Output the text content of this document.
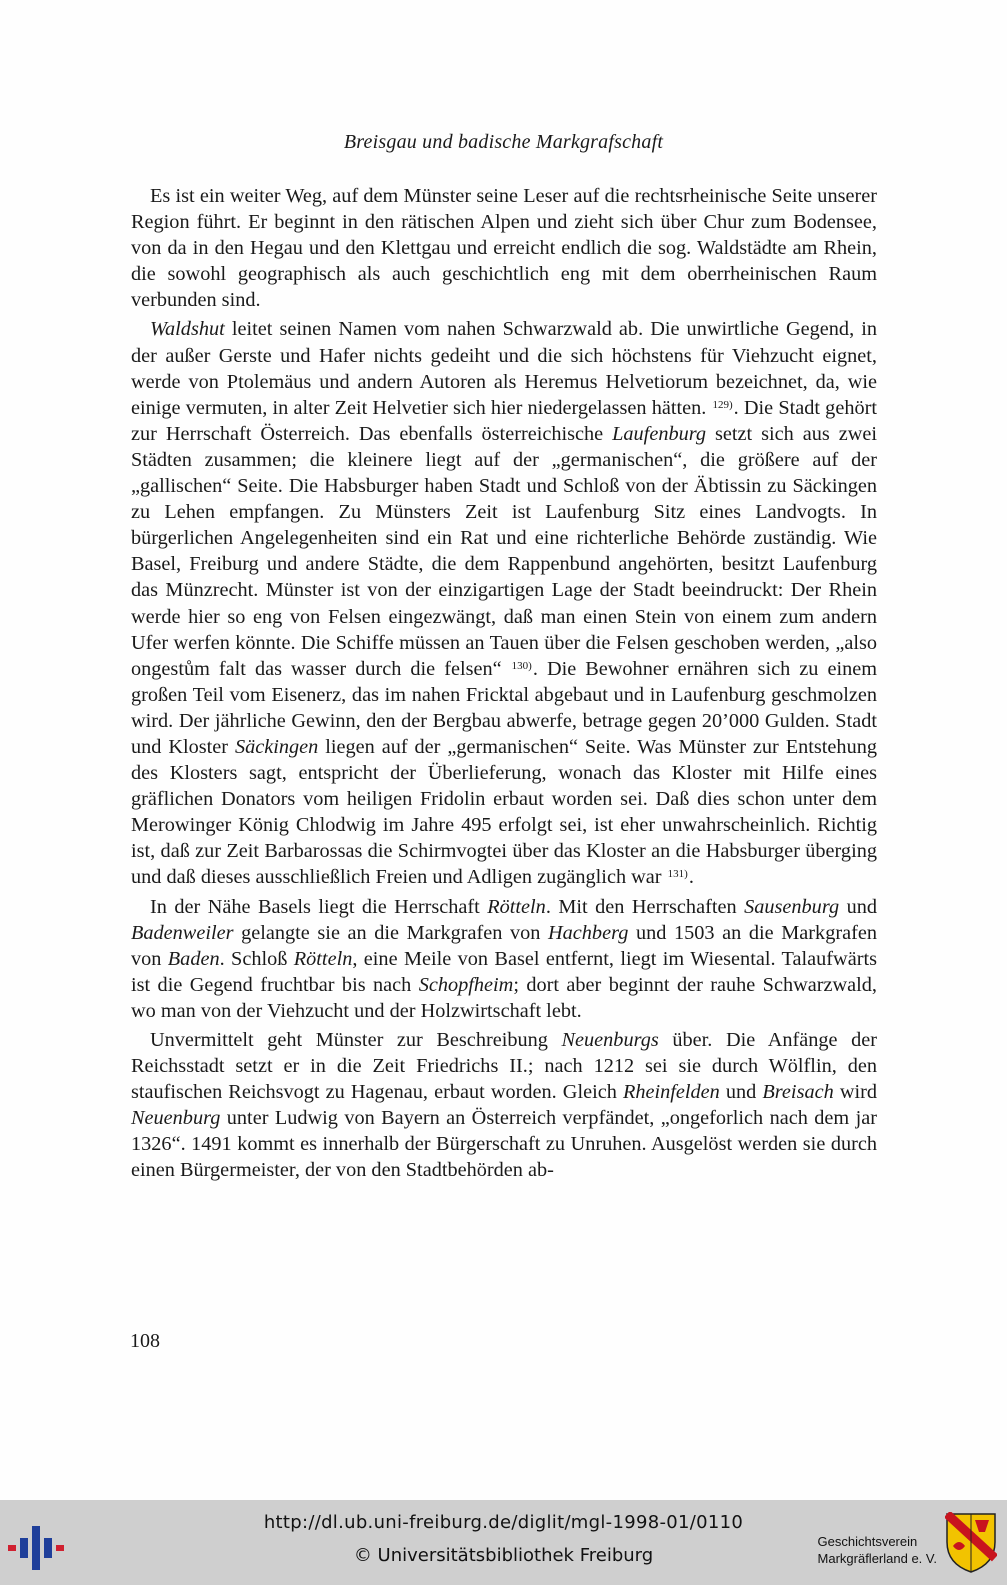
Breisgau und badische Markgrafschaft

Es ist ein weiter Weg, auf dem Münster seine Leser auf die rechtsrheinische Seite unserer Region führt. Er beginnt in den rätischen Alpen und zieht sich über Chur zum Bodensee, von da in den Hegau und den Klettgau und erreicht endlich die sog. Waldstädte am Rhein, die sowohl geographisch als auch geschichtlich eng mit dem oberrheinischen Raum verbunden sind.

Waldshut leitet seinen Namen vom nahen Schwarzwald ab. Die unwirtliche Gegend, in der außer Gerste und Hafer nichts gedeiht und die sich höchstens für Viehzucht eignet, werde von Ptolemäus und andern Autoren als Heremus Helvetiorum bezeichnet, da, wie einige vermuten, in alter Zeit Helvetier sich hier niedergelassen hätten. $^{129)}$. Die Stadt gehört zur Herrschaft Österreich. Das ebenfalls österreichische Laufenburg setzt sich aus zwei Städten zusammen; die kleinere liegt auf der „germanischen“, die größere auf der „gallischen“ Seite. Die Habsburger haben Stadt und Schloß von der Äbtissin zu Säckingen zu Lehen empfangen. Zu Münsters Zeit ist Laufenburg Sitz eines Landvogts. In bürgerlichen Angelegenheiten sind ein Rat und eine richterliche Behörde zuständig. Wie Basel, Freiburg und andere Städte, die dem Rappenbund angehörten, besitzt Laufenburg das Münzrecht. Münster ist von der einzigartigen Lage der Stadt beeindruckt: Der Rhein werde hier so eng von Felsen eingezwängt, daß man einen Stein von einem zum andern Ufer werfen könnte. Die Schiffe müssen an Tauen über die Felsen geschoben werden, „also ongestům falt das wasser durch die felsen“ $^{130)}$. Die Bewohner ernähren sich zu einem großen Teil vom Eisenerz, das im nahen Fricktal abgebaut und in Laufenburg geschmolzen wird. Der jährliche Gewinn, den der Bergbau abwerfe, betrage gegen 20’000 Gulden. Stadt und Kloster Säckingen liegen auf der „germanischen“ Seite. Was Münster zur Entstehung des Klosters sagt, entspricht der Überlieferung, wonach das Kloster mit Hilfe eines gräflichen Donators vom heiligen Fridolin erbaut worden sei. Daß dies schon unter dem Merowinger König Chlodwig im Jahre 495 erfolgt sei, ist eher unwahrscheinlich. Richtig ist, daß zur Zeit Barbarossas die Schirmvogtei über das Kloster an die Habsburger überging und daß dieses ausschließlich Freien und Adligen zugänglich war $^{131)}$.

In der Nähe Basels liegt die Herrschaft Rötteln. Mit den Herrschaften Sausenburg und Badenweiler gelangte sie an die Markgrafen von Hachberg und 1503 an die Markgrafen von Baden. Schloß Rötteln, eine Meile von Basel entfernt, liegt im Wiesental. Talaufwärts ist die Gegend fruchtbar bis nach Schopfheim; dort aber beginnt der rauhe Schwarzwald, wo man von der Viehzucht und der Holzwirtschaft lebt.

Unvermittelt geht Münster zur Beschreibung Neuenburgs über. Die Anfänge der Reichsstadt setzt er in die Zeit Friedrichs II.; nach 1212 sei sie durch Wölflin, den staufischen Reichsvogt zu Hagenau, erbaut worden. Gleich Rheinfelden und Breisach wird Neuenburg unter Ludwig von Bayern an Österreich verpfändet, „ongeforlich nach dem jar 1326“. 1491 kommt es innerhalb der Bürgerschaft zu Unruhen. Ausgelöst werden sie durch einen Bürgermeister, der von den Stadtbehörden ab-

108
http://dl.ub.uni-freiburg.de/diglit/mgl-1998-01/0110
© Universitätsbibliothek Freiburg
Geschichtsverein
Markgräflerland e. V.
